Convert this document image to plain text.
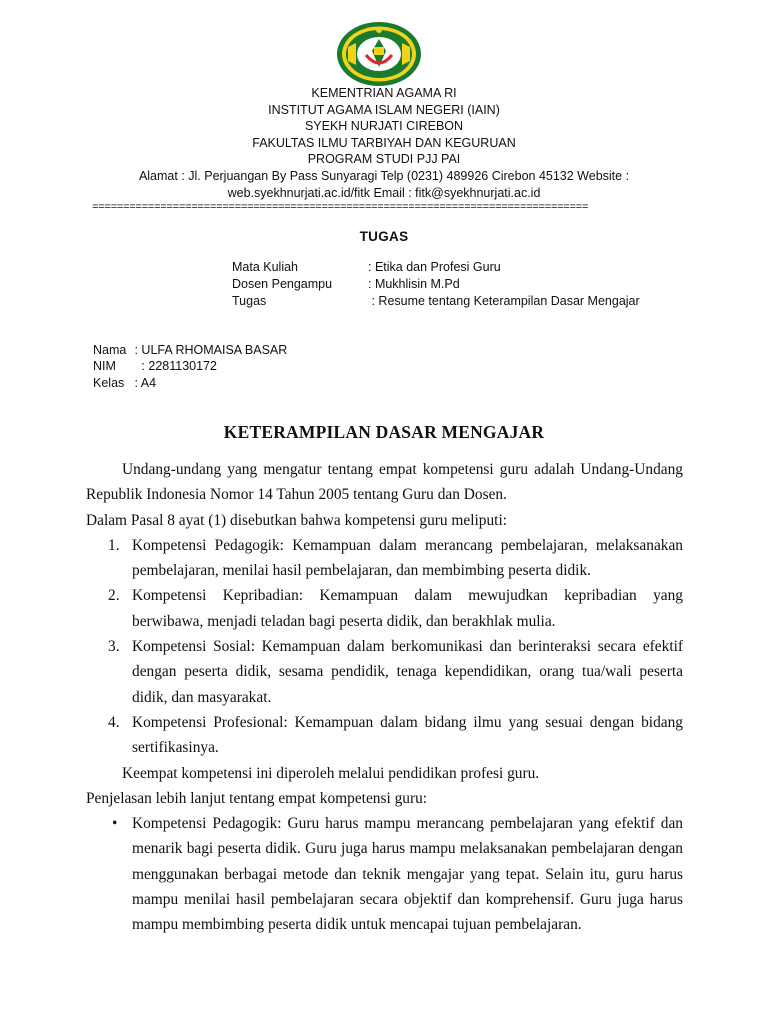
KEMENTRIAN AGAMA RI
INSTITUT AGAMA ISLAM NEGERI (IAIN)
SYEKH NURJATI CIREBON
FAKULTAS ILMU TARBIYAH DAN KEGURUAN
PROGRAM STUDI PJJ PAI
Alamat : Jl. Perjuangan By Pass Sunyaragi Telp (0231) 489926 Cirebon 45132 Website :
web.syekhnurjati.ac.id/fitk Email : fitk@syekhnurjati.ac.id
================================================================================
TUGAS
Mata Kuliah	: Etika dan Profesi Guru
Dosen Pengampu	: Mukhlisin M.Pd
Tugas	: Resume tentang Keterampilan Dasar Mengajar
Nama : ULFA RHOMAISA BASAR
NIM	: 2281130172
Kelas : A4
KETERAMPILAN DASAR MENGAJAR

Undang-undang yang mengatur tentang empat kompetensi guru adalah Undang-Undang Republik Indonesia Nomor 14 Tahun 2005 tentang Guru dan Dosen.

Dalam Pasal 8 ayat (1) disebutkan bahwa kompetensi guru meliputi:

1. Kompetensi Pedagogik: Kemampuan dalam merancang pembelajaran, melaksanakan pembelajaran, menilai hasil pembelajaran, dan membimbing peserta didik.
2. Kompetensi Kepribadian: Kemampuan dalam mewujudkan kepribadian yang berwibawa, menjadi teladan bagi peserta didik, dan berakhlak mulia.
3. Kompetensi Sosial: Kemampuan dalam berkomunikasi dan berinteraksi secara efektif dengan peserta didik, sesama pendidik, tenaga kependidikan, orang tua/wali peserta didik, dan masyarakat.
4. Kompetensi Profesional: Kemampuan dalam bidang ilmu yang sesuai dengan bidang sertifikasinya.

Keempat kompetensi ini diperoleh melalui pendidikan profesi guru.

Penjelasan lebih lanjut tentang empat kompetensi guru:

• Kompetensi Pedagogik: Guru harus mampu merancang pembelajaran yang efektif dan menarik bagi peserta didik. Guru juga harus mampu melaksanakan pembelajaran dengan menggunakan berbagai metode dan teknik mengajar yang tepat. Selain itu, guru harus mampu menilai hasil pembelajaran secara objektif dan komprehensif. Guru juga harus mampu membimbing peserta didik untuk mencapai tujuan pembelajaran.
